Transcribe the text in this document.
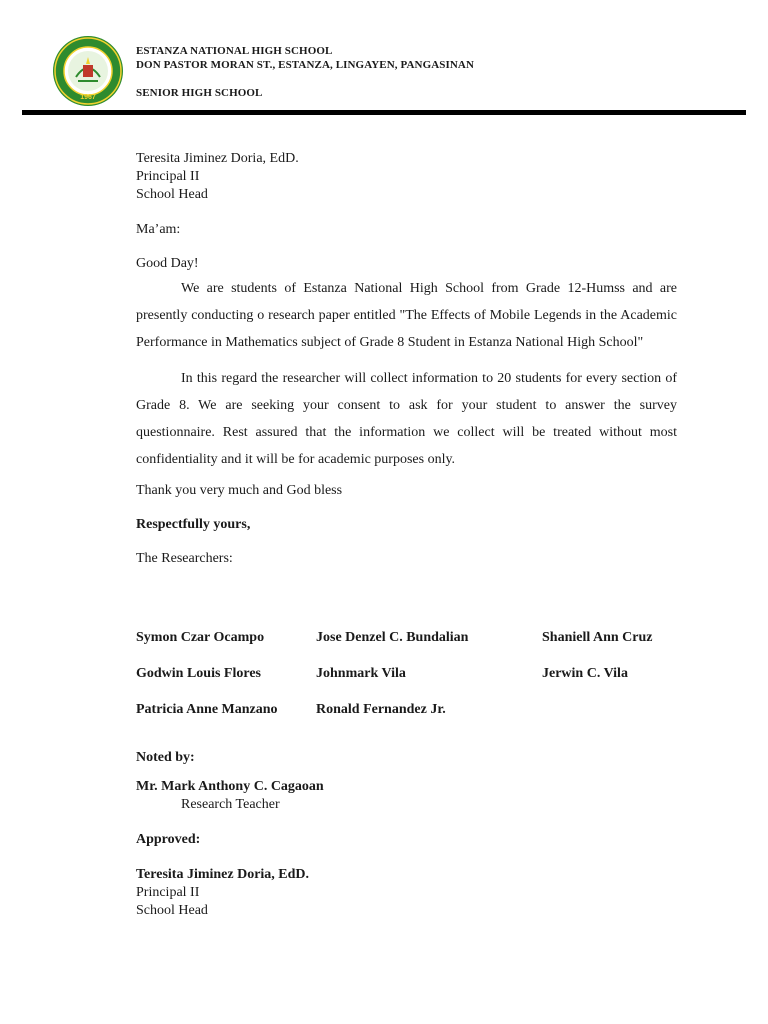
1967
ESTANZA NATIONAL HIGH SCHOOL
DON PASTOR MORAN ST., ESTANZA, LINGAYEN, PANGASINAN
SENIOR HIGH SCHOOL
Teresita Jiminez Doria, EdD.
Principal II
School Head

Ma’am:

Good Day!

We are students of Estanza National High School from Grade 12-Humss and are presently conducting o research paper entitled "The Effects of Mobile Legends in the Academic Performance in Mathematics subject of Grade 8 Student in Estanza National High School"

In this regard the researcher will collect information to 20 students for every section of Grade 8. We are seeking your consent to ask for your student to answer the survey questionnaire. Rest assured that the information we collect will be treated without most confidentiality and it will be for academic purposes only.

Thank you very much and God bless

Respectfully yours,

The Researchers:

Symon Czar Ocampo	Jose Denzel C. Bundalian	Shaniell Ann Cruz
Godwin Louis Flores	Johnmark Vila	Jerwin C. Vila
Patricia Anne Manzano	Ronald Fernandez Jr.
Noted by:
Mr. Mark Anthony C. Cagaoan
Research Teacher
Approved:
Teresita Jiminez Doria, EdD.
Principal II
School Head
